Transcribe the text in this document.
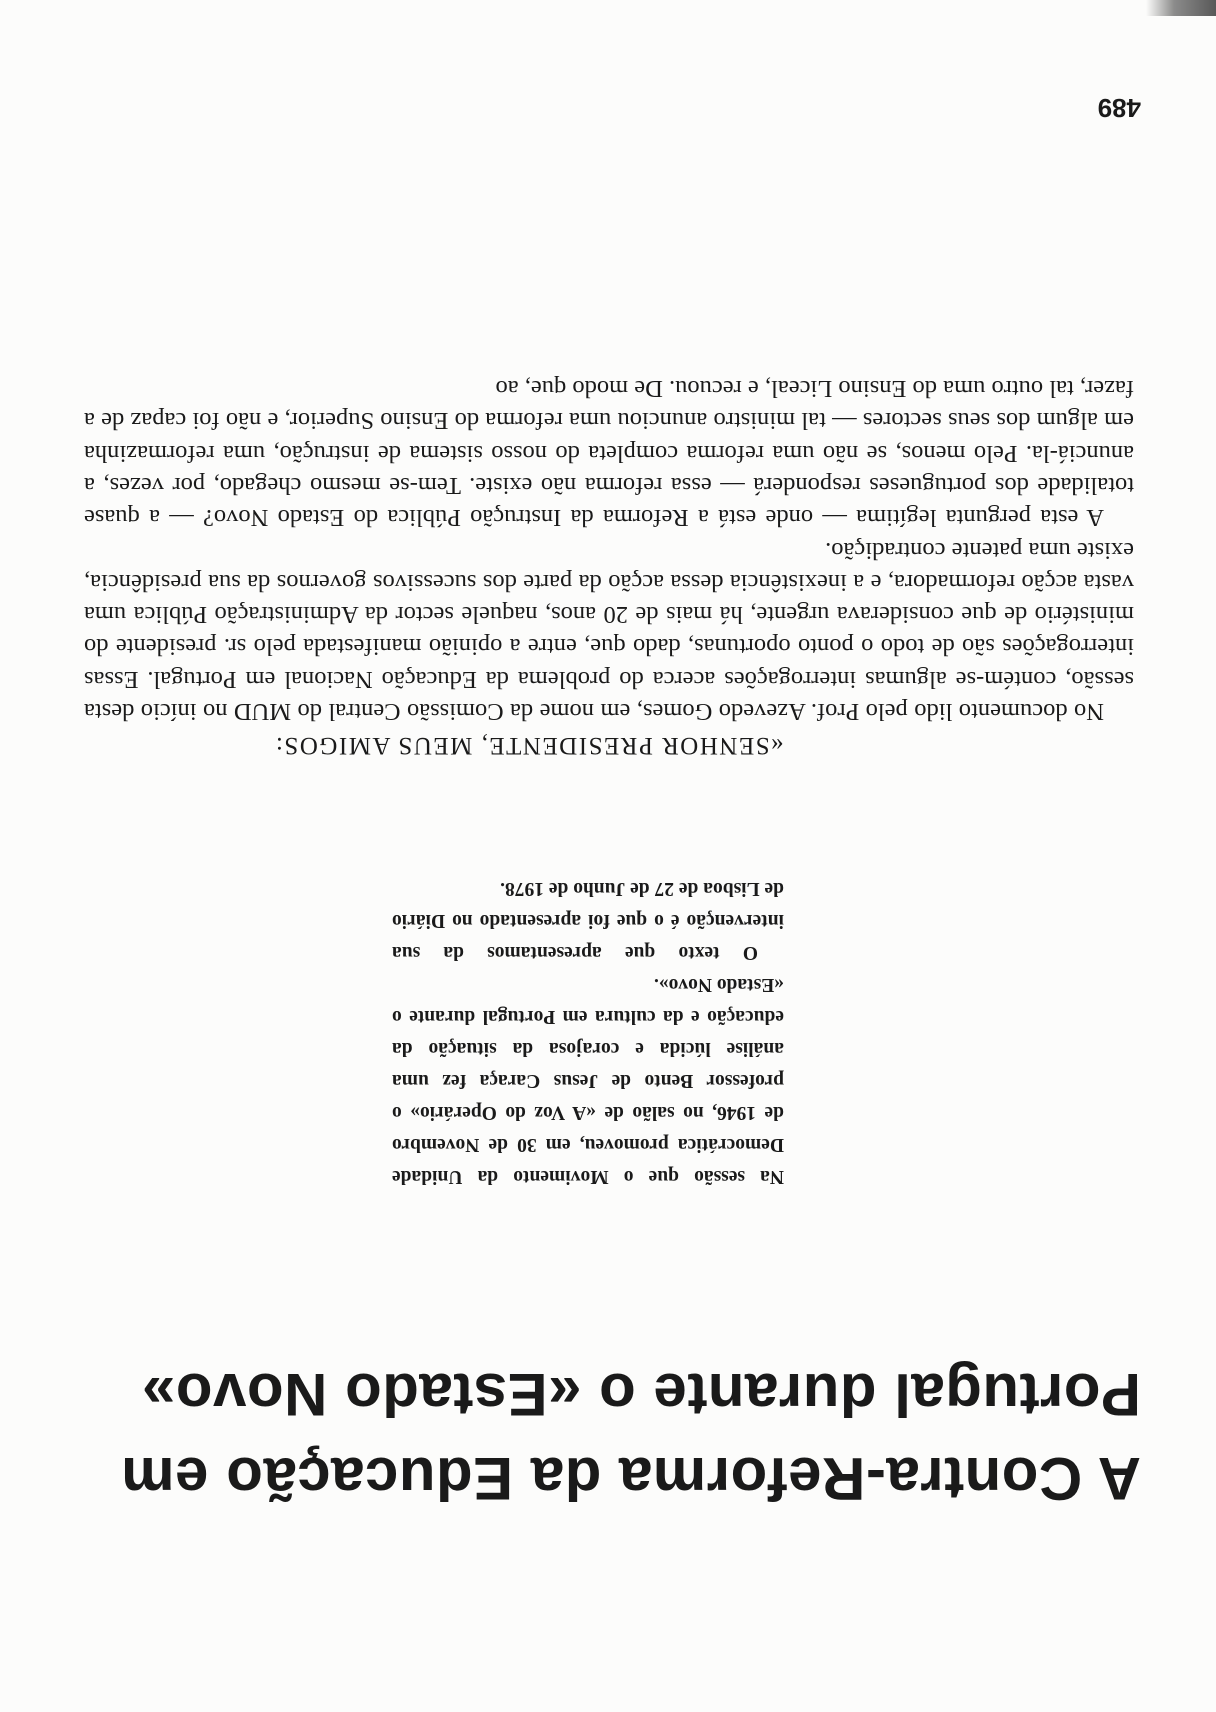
A Contra-Reforma da Educação em Portugal durante o «Estado Novo»

Na sessão que o Movimento da Unidade Democrática promoveu, em 30 de Novembro de 1946, no salão de «A Voz do Operário» o professor Bento de Jesus Caraça fez uma análise lúcida e corajosa da situação da educação e da cultura em Portugal durante o «Estado Novo».

O texto que apresentamos da sua intervenção é o que foi apresentado no Diário de Lisboa de 27 de Junho de 1978.

«SENHOR PRESIDENTE, MEUS AMIGOS:

No documento lido pelo Prof. Azevedo Gomes, em nome da Comissão Central do MUD no início desta sessão, contém-se algumas interrogações acerca do problema da Educação Nacional em Portugal. Essas interrogações são de todo o ponto oportunas, dado que, entre a opinião manifestada pelo sr. presidente do ministério de que considerava urgente, há mais de 20 anos, naquele sector da Administração Pública uma vasta acção reformadora, e a inexistência dessa acção da parte dos sucessivos governos da sua presidência, existe uma patente contradição.

A esta pergunta legítima — onde está a Reforma da Instrução Pública do Estado Novo? — a quase totalidade dos portugueses responderá — essa reforma não existe. Tem-se mesmo chegado, por vezes, a anunciá-la. Pelo menos, se não uma reforma completa do nosso sistema de instrução, uma reformazinha em algum dos seus sectores — tal ministro anunciou uma reforma do Ensino Superior, e não foi capaz de a fazer, tal outro uma do Ensino Liceal, e recuou. De modo que, ao

489
